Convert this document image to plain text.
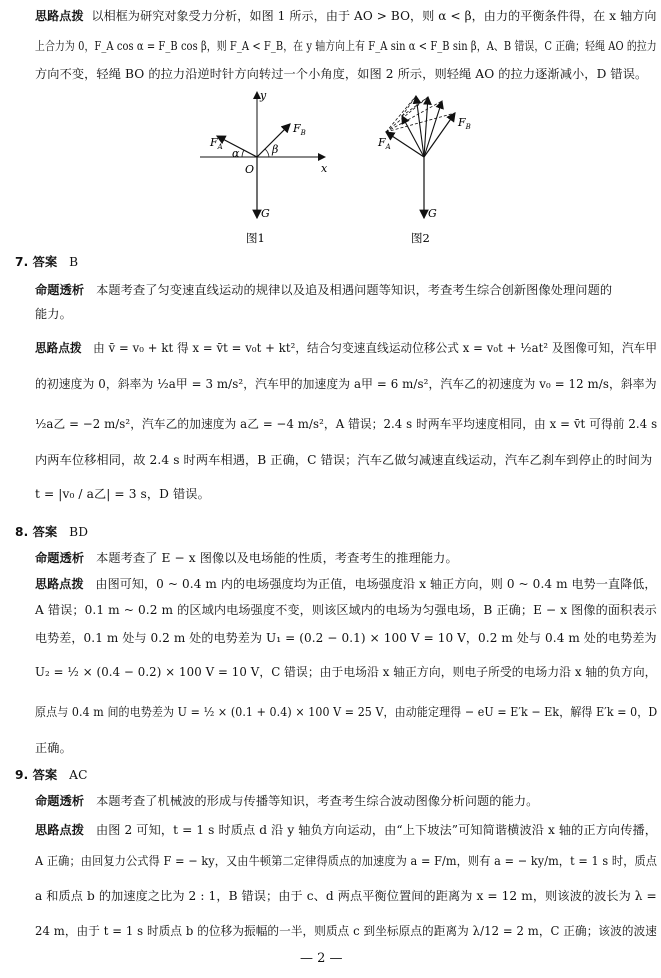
思路点拨 以相框为研究对象受力分析，如图 1 所示，由于 AO > BO，则 α < β，由力的平衡条件得，在 x 轴方向
上合力为 0，F_A cos α = F_B cos β，则 F_A < F_B，在 y 轴方向上有 F_A sin α < F_B sin β，A、B 错误，C 正确；轻绳 AO 的拉力
方向不变，轻绳 BO 的拉力沿逆时针方向转过一个小角度，如图 2 所示，则轻绳 AO 的拉力逐渐减小，D 错误。
y
x
O
$F_A$
$F_B$
α	β
G
图1
$F_A$
$F_B$
G
图2
7. 答案 B
命题透析 本题考查了匀变速直线运动的规律以及追及相遇问题等知识，考查考生综合创新图像处理问题的
能力。
思路点拨 由 v̄ = v₀ + kt 得 x = v̄t = v₀t + kt²，结合匀变速直线运动位移公式 x = v₀t + ½at² 及图像可知，汽车甲
的初速度为 0，斜率为 ½a甲 = 3 m/s²，汽车甲的加速度为 a甲 = 6 m/s²，汽车乙的初速度为 v₀ = 12 m/s，斜率为
½a乙 = −2 m/s²，汽车乙的加速度为 a乙 = −4 m/s²，A 错误；2.4 s 时两车平均速度相同，由 x = v̄t 可得前 2.4 s
内两车位移相同，故 2.4 s 时两车相遇，B 正确，C 错误；汽车乙做匀减速直线运动，汽车乙刹车到停止的时间为
t = |v₀ / a乙| = 3 s，D 错误。
8. 答案 BD
命题透析 本题考查了 E − x 图像以及电场能的性质，考查考生的推理能力。
思路点拨 由图可知，0 ~ 0.4 m 内的电场强度均为正值，电场强度沿 x 轴正方向，则 0 ~ 0.4 m 电势一直降低，
A 错误；0.1 m ~ 0.2 m 的区域内电场强度不变，则该区域内的电场为匀强电场，B 正确；E − x 图像的面积表示
电势差，0.1 m 处与 0.2 m 处的电势差为 U₁ = (0.2 − 0.1) × 100 V = 10 V，0.2 m 处与 0.4 m 处的电势差为
U₂ = ½ × (0.4 − 0.2) × 100 V = 10 V，C 错误；由于电场沿 x 轴正方向，则电子所受的电场力沿 x 轴的负方向，
原点与 0.4 m 间的电势差为 U = ½ × (0.1 + 0.4) × 100 V = 25 V，由动能定理得 − eU = E′k − Ek，解得 E′k = 0，D
正确。
9. 答案 AC
命题透析 本题考查了机械波的形成与传播等知识，考查考生综合波动图像分析问题的能力。
思路点拨 由图 2 可知，t = 1 s 时质点 d 沿 y 轴负方向运动，由“上下坡法”可知简谐横波沿 x 轴的正方向传播，
A 正确；由回复力公式得 F = − ky，又由牛顿第二定律得质点的加速度为 a = F/m，则有 a = − ky/m，t = 1 s 时，质点
a 和质点 b 的加速度之比为 2 : 1，B 错误；由于 c、d 两点平衡位置间的距离为 x = 12 m，则该波的波长为 λ =
24 m，由于 t = 1 s 时质点 b 的位移为振幅的一半，则质点 c 到坐标原点的距离为 λ/12 = 2 m，C 正确；该波的波速
— 2 —
